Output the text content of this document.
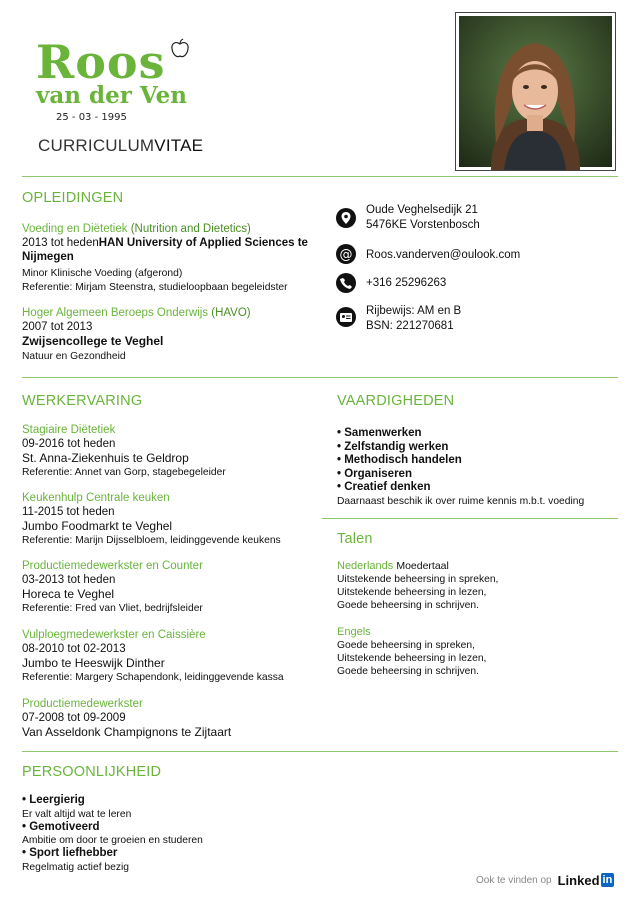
Roos
van der Ven
25 - 03 - 1995
CURRICULUMVITAE
OPLEIDINGEN
Voeding en Diëtetiek (Nutrition and Dietetics)
2013 tot hedenHAN University of Applied Sciences te
Nijmegen
Minor Klinische Voeding (afgerond)
Referentie: Mirjam Steenstra, studieloopbaan begeleidster
Hoger Algemeen Beroeps Onderwijs (HAVO)
2007 tot 2013
Zwijsencollege te Veghel
Natuur en Gezondheid
Oude Veghelsedijk 21
5476KE Vorstenbosch
@ Roos.vanderven@oulook.com
+316 25296263
Rijbewijs: AM en B
BSN: 221270681
WERKERVARING
Stagiaire Diëtetiek
09-2016 tot heden
St. Anna-Ziekenhuis te Geldrop
Referentie: Annet van Gorp, stagebegeleider
Keukenhulp Centrale keuken
11-2015 tot heden
Jumbo Foodmarkt te Veghel
Referentie: Marijn Dijsselbloem, leidinggevende keukens
Productiemedewerkster en Counter
03-2013 tot heden
Horeca te Veghel
Referentie: Fred van Vliet, bedrijfsleider
Vulploegmedewerkster en Caissière
08-2010 tot 02-2013
Jumbo te Heeswijk Dinther
Referentie: Margery Schapendonk, leidinggevende kassa
Productiemedewerkster
07-2008 tot 09-2009
Van Asseldonk Champignons te Zijtaart
VAARDIGHEDEN
• Samenwerken
• Zelfstandig werken
• Methodisch handelen
• Organiseren
• Creatief denken
Daarnaast beschik ik over ruime kennis m.b.t. voeding
Talen
Nederlands Moedertaal
Uitstekende beheersing in spreken,
Uitstekende beheersing in lezen,
Goede beheersing in schrijven.
Engels
Goede beheersing in spreken,
Uitstekende beheersing in lezen,
Goede beheersing in schrijven.
PERSOONLIJKHEID
• Leergierig
Er valt altijd wat te leren
• Gemotiveerd
Ambitie om door te groeien en studeren
• Sport liefhebber
Regelmatig actief bezig
Ook te vinden op Linked in
